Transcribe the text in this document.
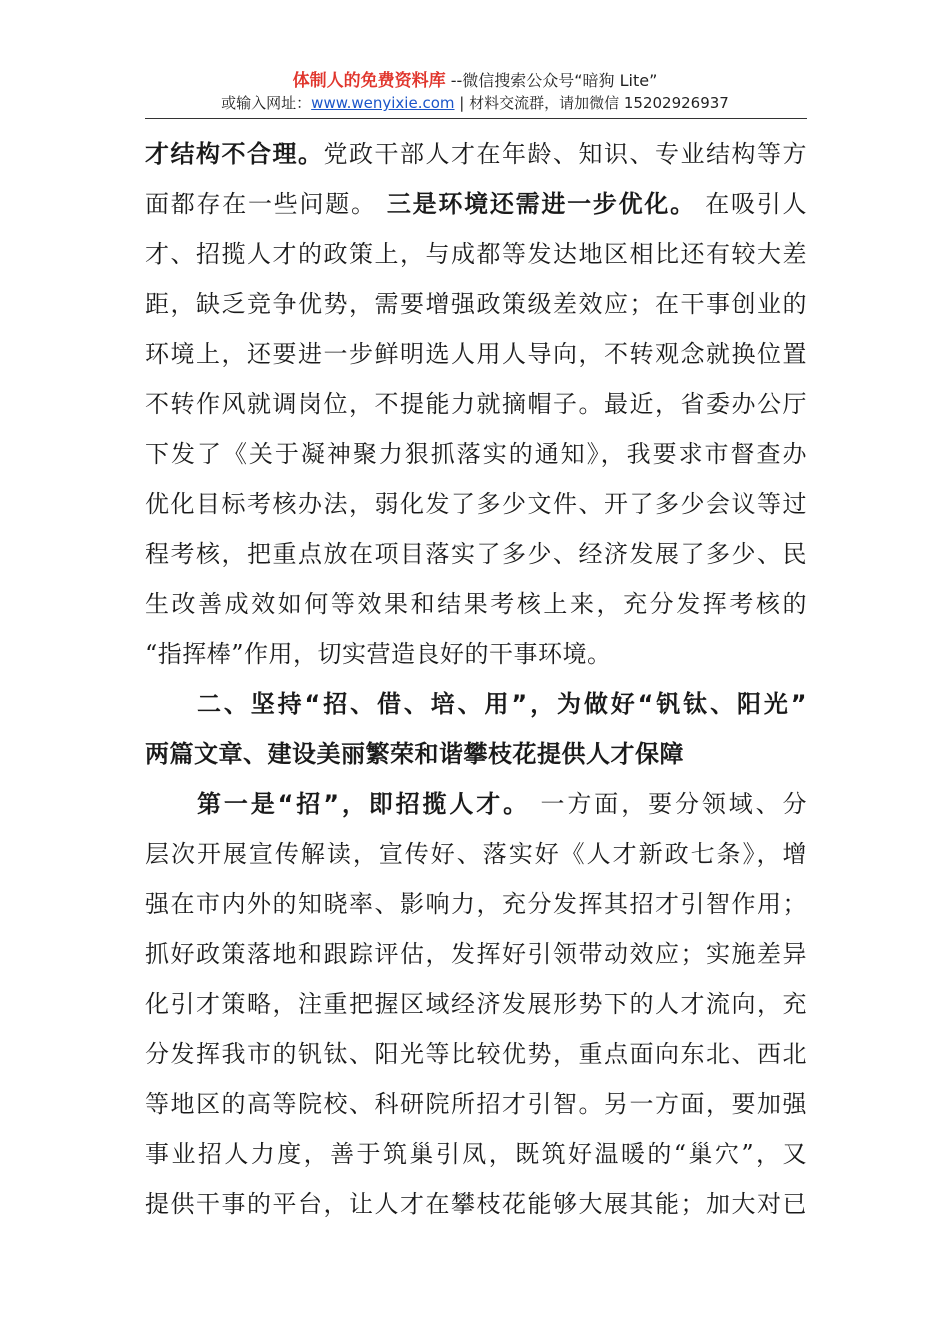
体制人的免费资料库 --微信搜索公众号“暗狗 Lite”
或输入网址：www.wenyixie.com | 材料交流群，请加微信 15202926937
才结构不合理。党政干部人才在年龄、知识、专业结构等方
面都存在一些问题。 三是环境还需进一步优化。 在吸引人
才、招揽人才的政策上，与成都等发达地区相比还有较大差
距，缺乏竞争优势，需要增强政策级差效应；在干事创业的
环境上，还要进一步鲜明选人用人导向，不转观念就换位置
不转作风就调岗位，不提能力就摘帽子。最近，省委办公厅
下发了《关于凝神聚力狠抓落实的通知》，我要求市督查办
优化目标考核办法，弱化发了多少文件、开了多少会议等过
程考核，把重点放在项目落实了多少、经济发展了多少、民
生改善成效如何等效果和结果考核上来，充分发挥考核的
“指挥棒”作用，切实营造良好的干事环境。
二、坚持“招、借、培、用”，为做好“钒钛、阳光”
两篇文章、建设美丽繁荣和谐攀枝花提供人才保障
第一是“招”，即招揽人才。 一方面，要分领域、分
层次开展宣传解读，宣传好、落实好《人才新政七条》，增
强在市内外的知晓率、影响力，充分发挥其招才引智作用；
抓好政策落地和跟踪评估，发挥好引领带动效应；实施差异
化引才策略，注重把握区域经济发展形势下的人才流向，充
分发挥我市的钒钛、阳光等比较优势，重点面向东北、西北
等地区的高等院校、科研院所招才引智。另一方面，要加强
事业招人力度，善于筑巢引凤，既筑好温暖的“巢穴”，又
提供干事的平台，让人才在攀枝花能够大展其能；加大对已
